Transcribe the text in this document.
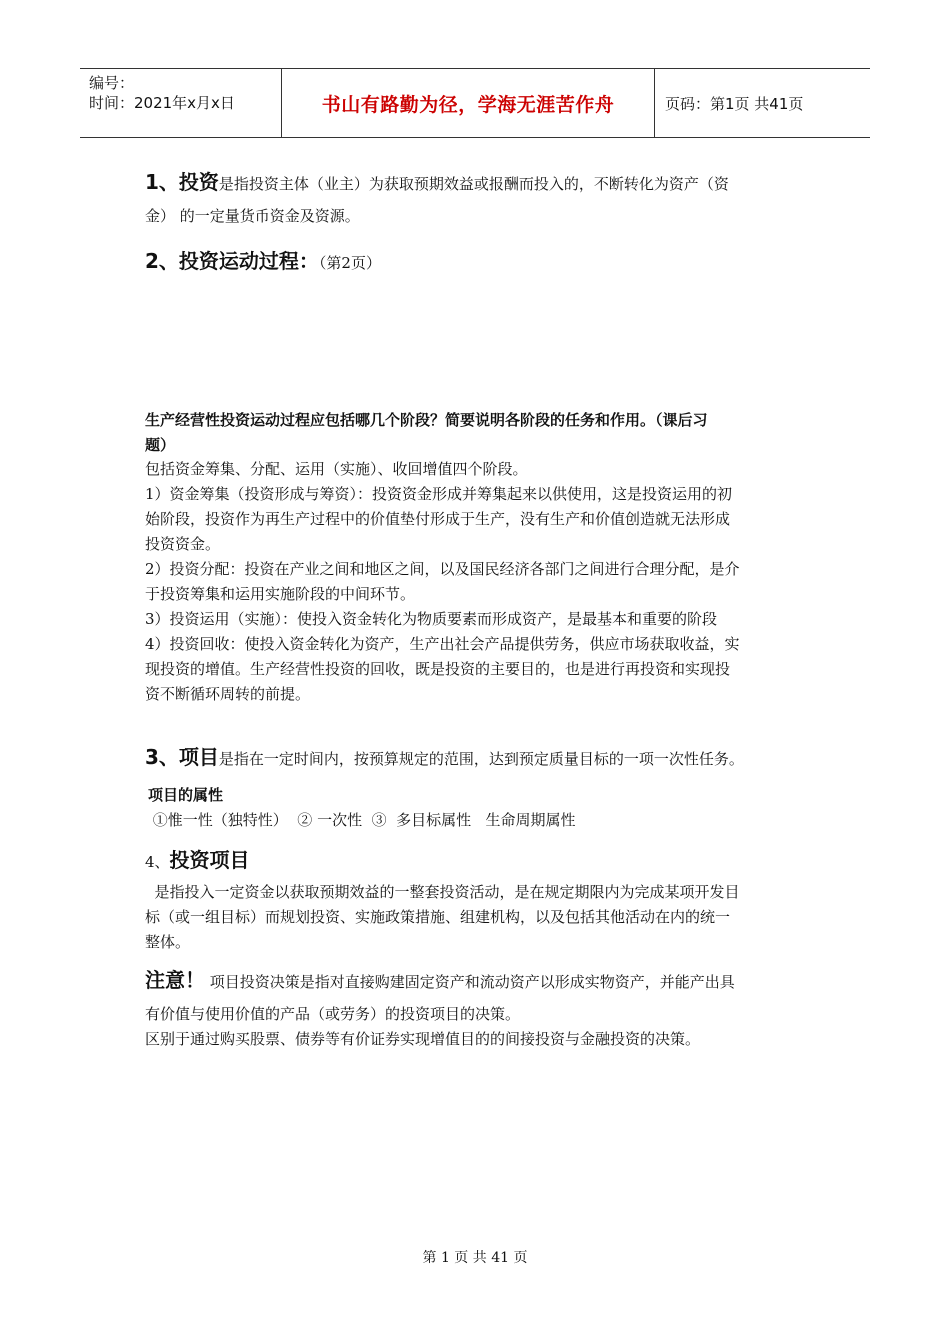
编号：
时间：2021年x月x日	书山有路勤为径，学海无涯苦作舟	页码：第1页 共41页
1、投资是指投资主体（业主）为获取预期效益或报酬而投入的，不断转化为资产（资
金） 的一定量货币资金及资源。
2、投资运动过程：（第2页）
生产经营性投资运动过程应包括哪几个阶段？简要说明各阶段的任务和作用。（课后习
题）
包括资金筹集、分配、运用（实施）、收回增值四个阶段。
1）资金筹集（投资形成与筹资）：投资资金形成并筹集起来以供使用，这是投资运用的初
始阶段，投资作为再生产过程中的价值垫付形成于生产，没有生产和价值创造就无法形成
投资资金。
2）投资分配：投资在产业之间和地区之间，以及国民经济各部门之间进行合理分配，是介
于投资筹集和运用实施阶段的中间环节。
3）投资运用（实施）：使投入资金转化为物质要素而形成资产，是最基本和重要的阶段
4）投资回收：使投入资金转化为资产，生产出社会产品提供劳务，供应市场获取收益，实
现投资的增值。生产经营性投资的回收，既是投资的主要目的，也是进行再投资和实现投
资不断循环周转的前提。
3、项目是指在一定时间内，按预算规定的范围，达到预定质量目标的一项一次性任务。
项目的属性
①惟一性（独特性）  ② 一次性  ③  多目标属性   生命周期属性
4、投资项目
是指投入一定资金以获取预期效益的一整套投资活动，是在规定期限内为完成某项开发目
标（或一组目标）而规划投资、实施政策措施、组建机构，以及包括其他活动在内的统一
整体。
注意！ 项目投资决策是指对直接购建固定资产和流动资产以形成实物资产，并能产出具
有价值与使用价值的产品（或劳务）的投资项目的决策。
区别于通过购买股票、债券等有价证券实现增值目的的间接投资与金融投资的决策。
第 1 页 共 41 页
